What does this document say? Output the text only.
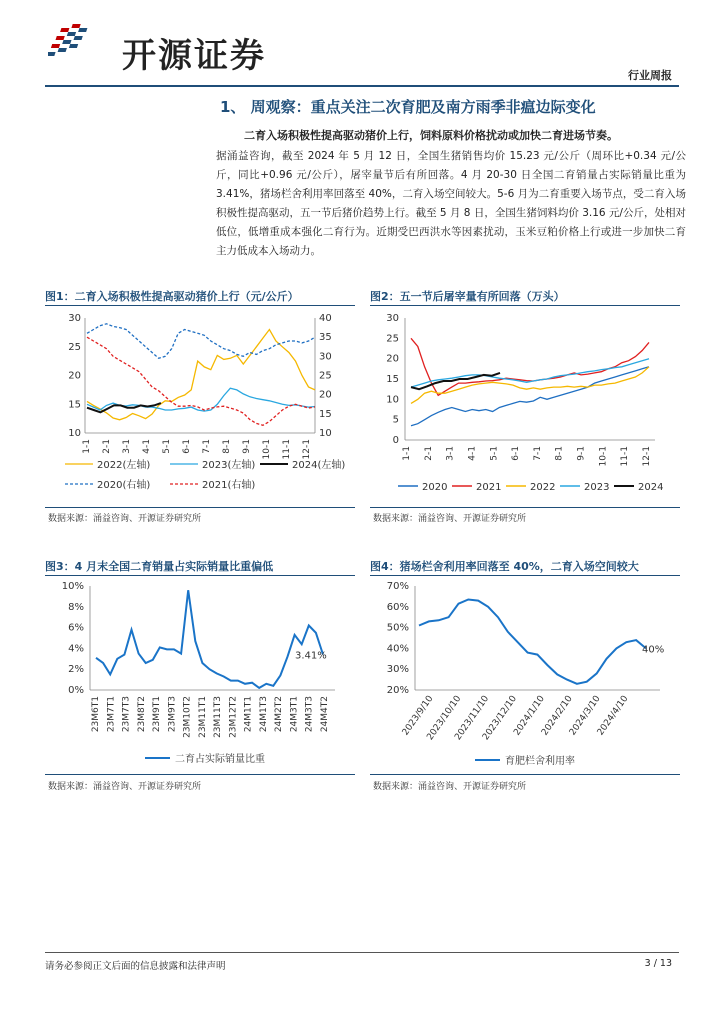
开源证券	行业周报
1、 周观察：重点关注二次育肥及南方雨季非瘟边际变化
二育入场积极性提高驱动猪价上行，饲料原料价格扰动或加快二育进场节奏。
据涌益咨询，截至 2024 年 5 月 12 日，全国生猪销售均价 15.23 元/公斤（周环比+0.34 元/公斤，同比+0.96 元/公斤），屠宰量节后有所回落。4 月 20-30 日全国二育销量占实际销量比重为 3.41%，猪场栏舍利用率回落至 40%，二育入场空间较大。5-6 月为二育重要入场节点，受二育入场积极性提高驱动，五一节后猪价趋势上行。截至 5 月 8 日，全国生猪饲料均价 3.16 元/公斤，处相对低位，低增重成本强化二育行为。近期受巴西洪水等因素扰动，玉米豆粕价格上行或进一步加快二育主力低成本入场动力。
图1：二育入场积极性提高驱动猪价上行（元/公斤）
10
15
20
25
30
10
15
20
25
30
35
40
1-1 2-1 3-1 4-1 5-1 6-1 7-1 8-1 9-1 10-1 11-1 12-1
2022(左轴)	2023(左轴)	2024(左轴)
2020(右轴)	2021(右轴)
数据来源：涌益咨询、开源证券研究所
图2：五一节后屠宰量有所回落（万头）
0
5
10
15
20
25
30
1-1 2-1 3-1 4-1 5-1 6-1 7-1 8-1 9-1 10-1 11-1 12-1
2020	2021	2022	2023	2024
数据来源：涌益咨询、开源证券研究所
图3：4 月末全国二育销量占实际销量比重偏低
0%
2%
4%
6%
8%
10%
23M6T1 23M7T1 23M7T3 23M8T2 23M9T1 23M9T3 23M10T2 23M11T1 23M11T3 23M12T2 24M1T1 24M1T3 24M2T2 24M3T1 24M3T3 24M4T2
3.41%
二育占实际销量比重
数据来源：涌益咨询、开源证券研究所
图4：猪场栏舍利用率回落至 40%，二育入场空间较大
20%
30%
40%
50%
60%
70%
2023/9/10
2023/10/10
2023/11/10
2023/12/10
2024/1/10
2024/2/10
2024/3/10
2024/4/10
40%
育肥栏舍利用率
数据来源：涌益咨询、开源证券研究所
请务必参阅正文后面的信息披露和法律声明	3 / 13
